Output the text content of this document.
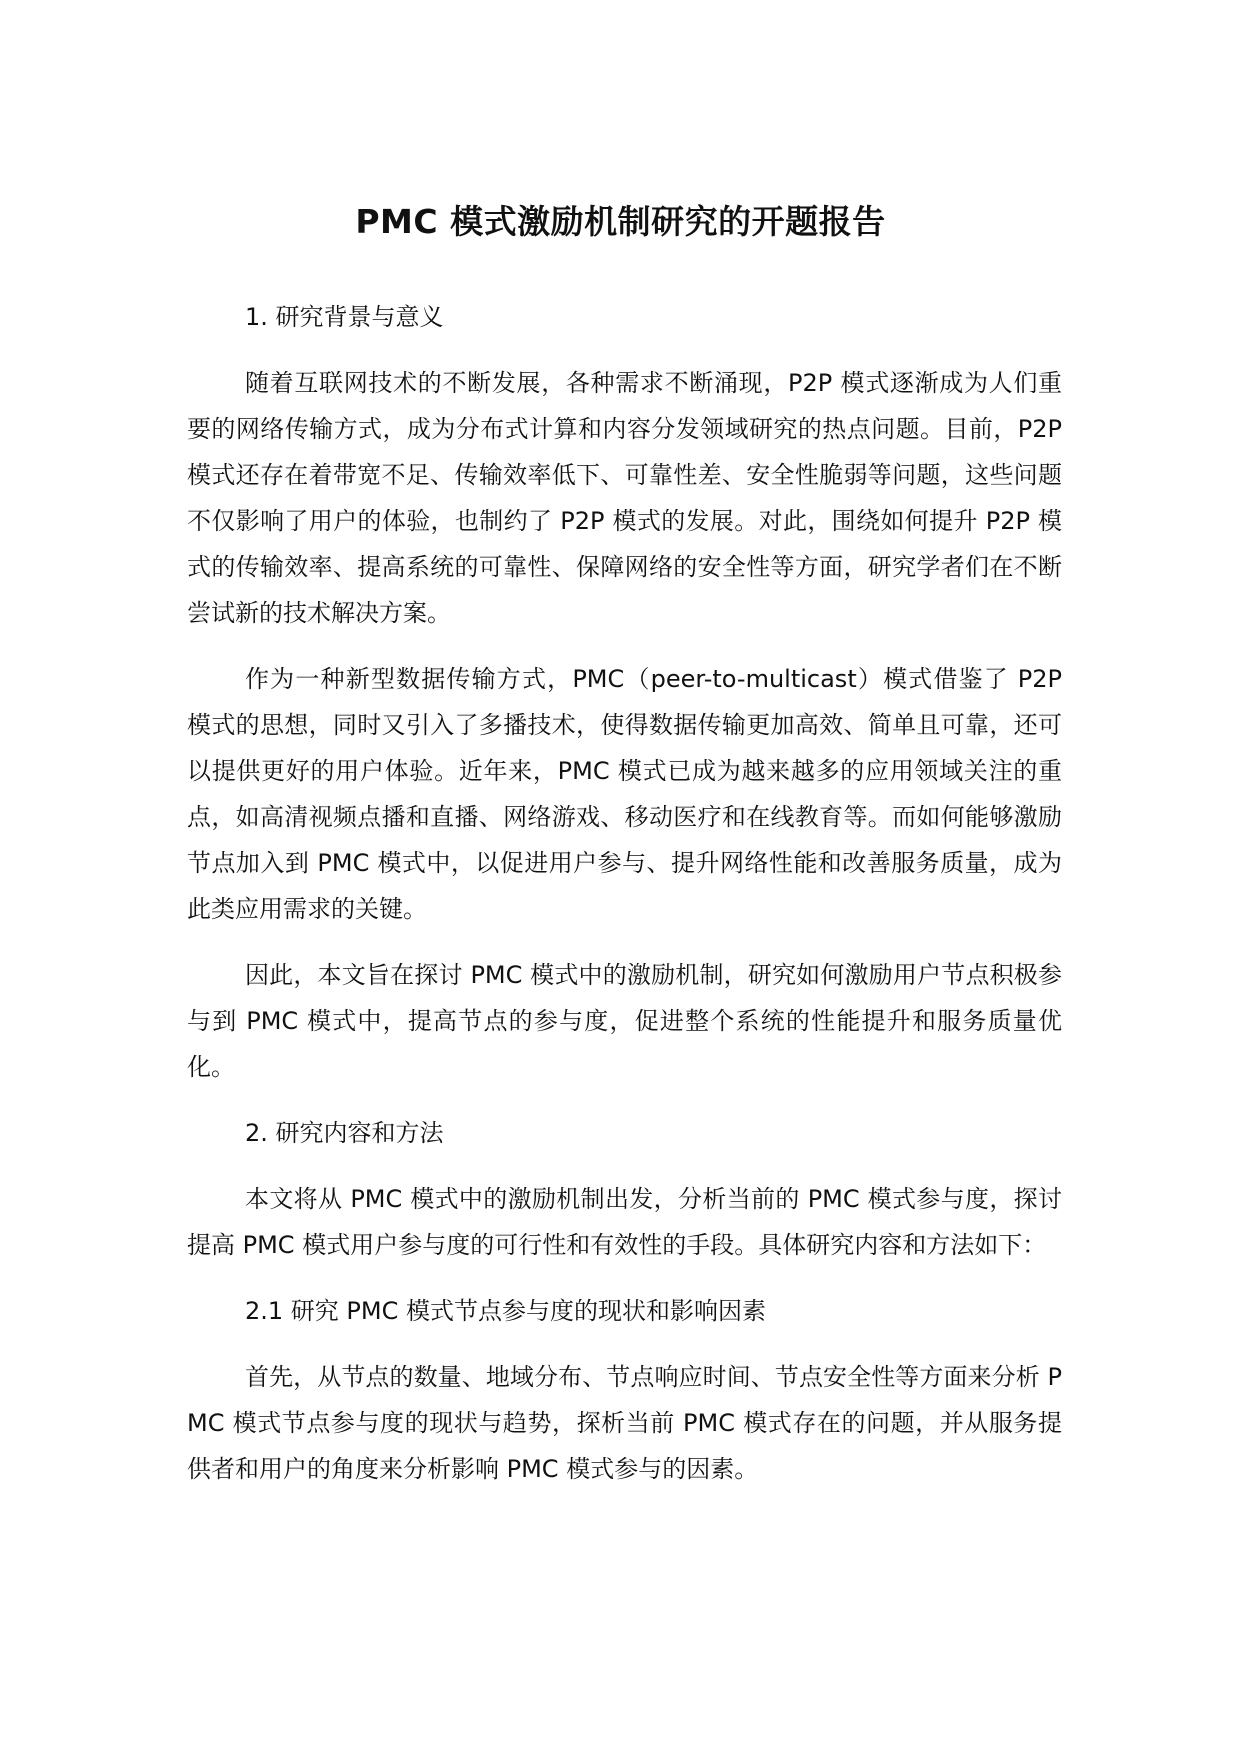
PMC 模式激励机制研究的开题报告
1. 研究背景与意义

随着互联网技术的不断发展，各种需求不断涌现，P2P 模式逐渐成为人们重要的网络传输方式，成为分布式计算和内容分发领域研究的热点问题。目前，P2P 模式还存在着带宽不足、传输效率低下、可靠性差、安全性脆弱等问题，这些问题不仅影响了用户的体验，也制约了 P2P 模式的发展。对此，围绕如何提升 P2P 模式的传输效率、提高系统的可靠性、保障网络的安全性等方面，研究学者们在不断尝试新的技术解决方案。

作为一种新型数据传输方式，PMC（peer-to-multicast）模式借鉴了 P2P 模式的思想，同时又引入了多播技术，使得数据传输更加高效、简单且可靠，还可以提供更好的用户体验。近年来，PMC 模式已成为越来越多的应用领域关注的重点，如高清视频点播和直播、网络游戏、移动医疗和在线教育等。而如何能够激励节点加入到 PMC 模式中，以促进用户参与、提升网络性能和改善服务质量，成为此类应用需求的关键。

因此，本文旨在探讨 PMC 模式中的激励机制，研究如何激励用户节点积极参与到 PMC 模式中，提高节点的参与度，促进整个系统的性能提升和服务质量优化。

2. 研究内容和方法

本文将从 PMC 模式中的激励机制出发，分析当前的 PMC 模式参与度，探讨提高 PMC 模式用户参与度的可行性和有效性的手段。具体研究内容和方法如下：

2.1 研究 PMC 模式节点参与度的现状和影响因素

首先，从节点的数量、地域分布、节点响应时间、节点安全性等方面来分析 PMC 模式节点参与度的现状与趋势，探析当前 PMC 模式存在的问题，并从服务提供者和用户的角度来分析影响 PMC 模式参与的因素。
